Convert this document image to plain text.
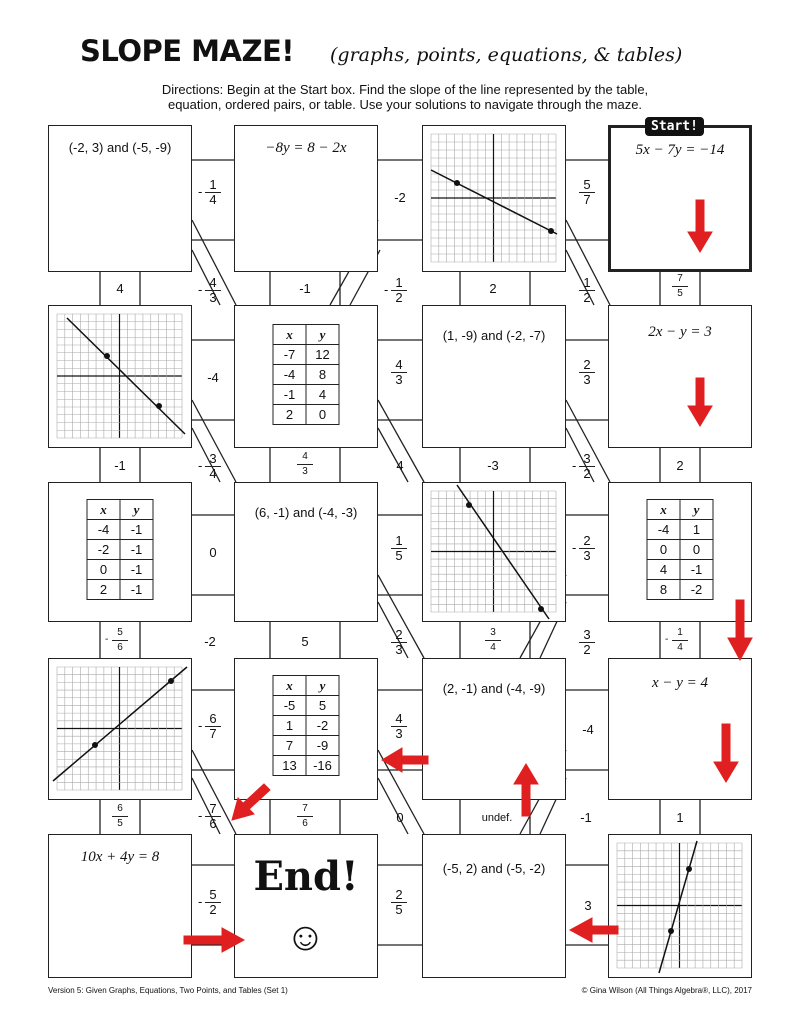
SLOPE MAZE! (graphs, points, equations, & tables)
Directions: Begin at the Start box. Find the slope of the line represented by the table,
equation, ordered pairs, or table. Use your solutions to navigate through the maze.
(-2, 3) and (-5, -9)	−8y = 8 − 2x	5x − 7y = −14
Start!
x	y
-7	12
-4	8
-1	4
2	0
(1, -9) and (-2, -7)	2x − y = 3
x	y
-4	-1
-2	-1
0	-1
2	-1
(6, -1) and (-4, -3)	x	y
-4	1
0	0
4	-1
8	-2
x	y
-5	5
1	-2
7	-9
13	-16
(2, -1) and (-4, -9)	x − y = 4
10x + 4y = 8	End!
☺
(-5, 2) and (-5, -2)
-2
4	-1	2
-4
-1	4	-3	2
0
-2	5
-4
0	undef.	-1	1
3
- 1
4	$\frac{5}{7}$
- 4
3
- 1
2	$\frac{1}{2}$	$\frac{7}{5}$
$\frac{4}{3}$	$\frac{2}{3}$
- 3
4	$\frac{4}{3}$	- 3
2
$\frac{1}{5}$	- 2
3
-
5
6	$\frac{2}{3}$	$\frac{3}{4}$	$\frac{3}{2}$	-
1
4
- 6
7	$\frac{4}{3}$
$\frac{6}{5}$	- 7
6	$\frac{7}{6}$
- 5
2	$\frac{2}{5}$
Version 5: Given Graphs, Equations, Two Points, and Tables (Set 1)	© Gina Wilson (All Things Algebra®, LLC), 2017
